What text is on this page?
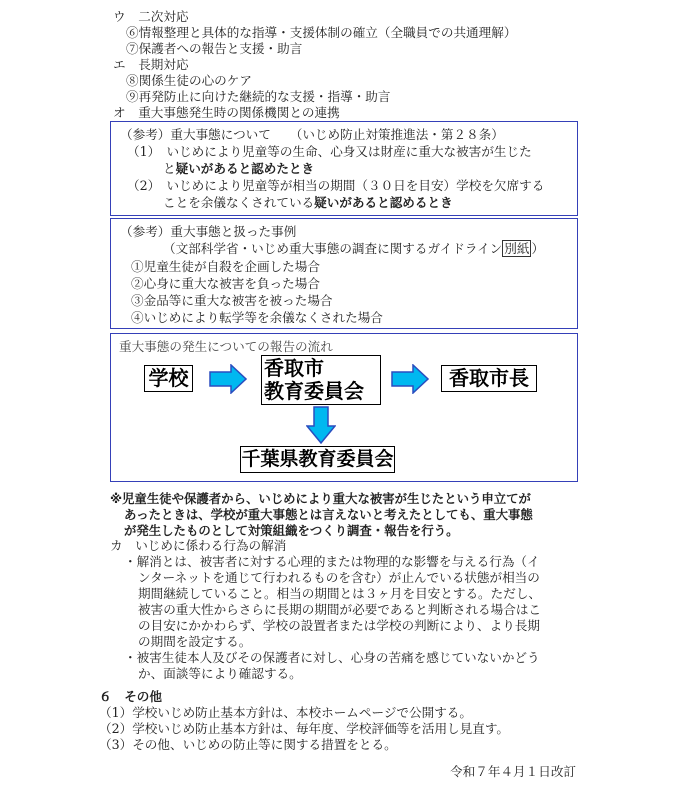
ウ　二次対応
⑥情報整理と具体的な指導・支援体制の確立（全職員での共通理解）
⑦保護者への報告と支援・助言
エ　長期対応
⑧関係生徒の心のケア
⑨再発防止に向けた継続的な支援・指導・助言
オ　重大事態発生時の関係機関との連携
（参考）重大事態について　　（いじめ防止対策推進法・第２８条）
（1）　いじめにより児童等の生命、心身又は財産に重大な被害が生じた
と疑いがあると認めたとき
（2）　いじめにより児童等が相当の期間（３０日を目安）学校を欠席する
ことを余儀なくされている疑いがあると認めるとき
（参考）重大事態と扱った事例
（文部科学省・いじめ重大事態の調査に関するガイドライン 別紙 ）
①児童生徒が自殺を企画した場合
②心身に重大な被害を負った場合
③金品等に重大な被害を被った場合
④いじめにより転学等を余儀なくされた場合
重大事態の発生についての報告の流れ
学校	香取市
教育委員会
香取市長
千葉県教育委員会
※児童生徒や保護者から、いじめにより重大な被害が生じたという申立てが
あったときは、学校が重大事態とは言えないと考えたとしても、重大事態
が発生したものとして対策組織をつくり調査・報告を行う。
カ　いじめに係わる行為の解消
・解消とは、被害者に対する心理的または物理的な影響を与える行為（イ
ンターネットを通じて行われるものを含む）が止んでいる状態が相当の
期間継続していること。相当の期間とは３ヶ月を目安とする。ただし、
被害の重大性からさらに長期の期間が必要であると判断される場合はこ
の目安にかかわらず、学校の設置者または学校の判断により、より長期
の期間を設定する。
・被害生徒本人及びその保護者に対し、心身の苦痛を感じていないかどう
か、面談等により確認する。
６　その他
（1）学校いじめ防止基本方針は、本校ホームページで公開する。
（2）学校いじめ防止基本方針は、毎年度、学校評価等を活用し見直す。
（3）その他、いじめの防止等に関する措置をとる。
令和７年４月１日改訂
